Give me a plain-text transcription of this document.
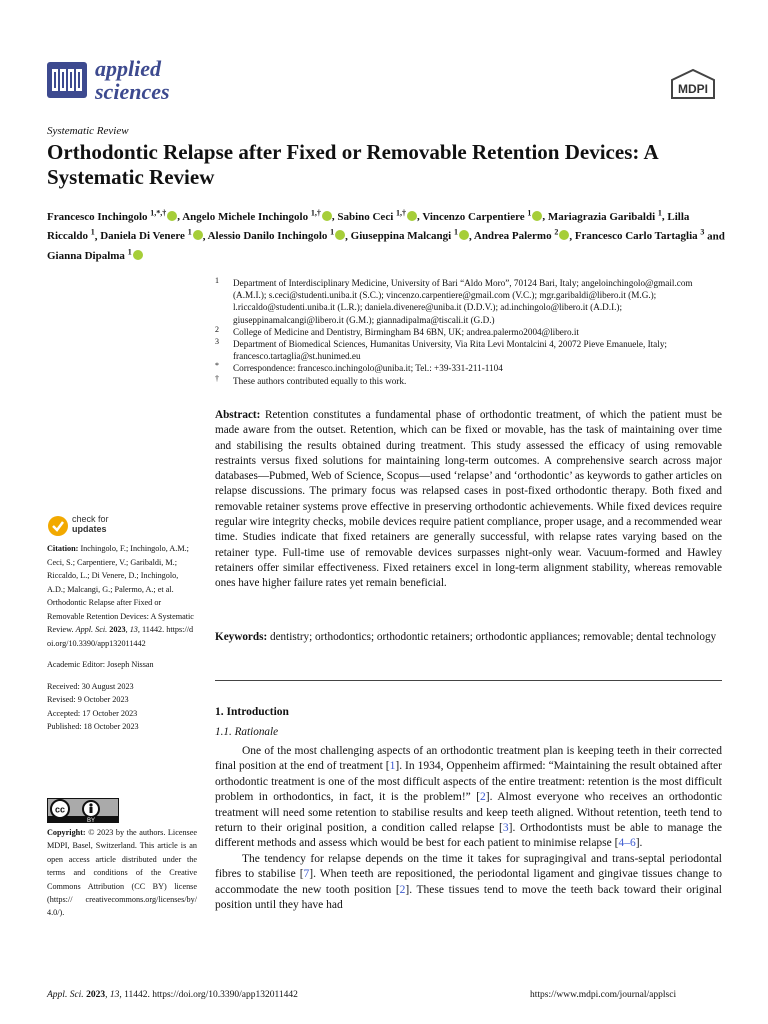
applied
sciences	MDPI
Systematic Review
Orthodontic Relapse after Fixed or Removable Retention Devices: A Systematic Review
Francesco Inchingolo $^{1,*,\dagger}$ , Angelo Michele Inchingolo $^{1,\dagger}$ , Sabino Ceci $^{1,\dagger}$ , Vincenzo Carpentiere $^1$ , Mariagrazia Garibaldi $^1$, Lilla Riccaldo $^1$, Daniela Di Venere $^1$ , Alessio Danilo Inchingolo $^1$ , Giuseppina Malcangi $^1$ , Andrea Palermo $^2$ , Francesco Carlo Tartaglia $^3$ and Gianna Dipalma $^1$
1 Department of Interdisciplinary Medicine, University of Bari “Aldo Moro”, 70124 Bari, Italy; angeloinchingolo@gmail.com (A.M.I.); s.ceci@studenti.uniba.it (S.C.); vincenzo.carpentiere@gmail.com (V.C.); mgr.garibaldi@libero.it (M.G.); l.riccaldo@studenti.uniba.it (L.R.); daniela.divenere@uniba.it (D.D.V.); ad.inchingolo@libero.it (A.D.I.); giuseppinamalcangi@libero.it (G.M.); giannadipalma@tiscali.it (G.D.)
2 College of Medicine and Dentistry, Birmingham B4 6BN, UK; andrea.palermo2004@libero.it
3 Department of Biomedical Sciences, Humanitas University, Via Rita Levi Montalcini 4, 20072 Pieve Emanuele, Italy; francesco.tartaglia@st.hunimed.eu
* Correspondence: francesco.inchingolo@uniba.it; Tel.: +39-331-211-1104
† These authors contributed equally to this work.
Abstract: Retention constitutes a fundamental phase of orthodontic treatment, of which the patient must be made aware from the outset. Retention, which can be fixed or movable, has the task of maintaining over time and stabilising the results obtained during treatment. This study assessed the efficacy of using removable restraints versus fixed solutions for maintaining long-term outcomes. A comprehensive search across major databases—Pubmed, Web of Science, Scopus—used ‘relapse’ and ‘orthodontic’ as keywords to gather articles on relapse discussions. The primary focus was relapsed cases in post-fixed orthodontic therapy. Both fixed and removable retainer systems prove effective in preserving orthodontic achievements. While fixed devices require regular wire integrity checks, mobile devices require patient compliance, proper usage, and a recommended wear time. Studies indicate that fixed retainers are generally successful, with relapse rates varying based on the retainer type. Full-time use of removable devices surpasses night-only wear. Vacuum-formed and Hawley retainers offer similar effectiveness. Fixed retainers excel in long-term alignment stability, whereas removable ones have higher failure rates yet remain beneficial.
Keywords: dentistry; orthodontics; orthodontic retainers; orthodontic appliances; removable; dental technology
1. Introduction
1.1. Rationale

One of the most challenging aspects of an orthodontic treatment plan is keeping teeth in their corrected final position at the end of treatment [1]. In 1934, Oppenheim affirmed: “Maintaining the result obtained after orthodontic treatment is one of the most difficult aspects of the entire treatment: retention is the most difficult problem in orthodontics, in fact, it is the problem!” [2]. Almost everyone who receives an orthodontic treatment will need some retention to stabilise results and keep teeth aligned. Without retention, teeth tend to return to their original position, a condition called relapse [3]. Orthodontists must be able to manage the different methods and assess which would be best for each patient to minimise relapse [4–6].

The tendency for relapse depends on the time it takes for supragingival and trans-septal periodontal fibres to stabilise [7]. When teeth are repositioned, the periodontal ligament and gingivae tissues change to accommodate the new tooth position [2]. These tissues tend to move the teeth back toward their original position until they have had

check for
updates

Citation: Inchingolo, F.; Inchingolo, A.M.; Ceci, S.; Carpentiere, V.; Garibaldi, M.; Riccaldo, L.; Di Venere, D.; Inchingolo, A.D.; Malcangi, G.; Palermo, A.; et al. Orthodontic Relapse after Fixed or Removable Retention Devices: A Systematic Review. Appl. Sci. 2023, 13, 11442. https://doi.org/10.3390/app132011442

Academic Editor: Joseph Nissan

Received: 30 August 2023
Revised: 9 October 2023
Accepted: 17 October 2023
Published: 18 October 2023

cc
BY
Copyright: © 2023 by the authors. Licensee MDPI, Basel, Switzerland. This article is an open access article distributed under the terms and conditions of the Creative Commons Attribution (CC BY) license (https:// creativecommons.org/licenses/by/ 4.0/).
Appl. Sci. 2023, 13, 11442. https://doi.org/10.3390/app132011442	https://www.mdpi.com/journal/applsci
